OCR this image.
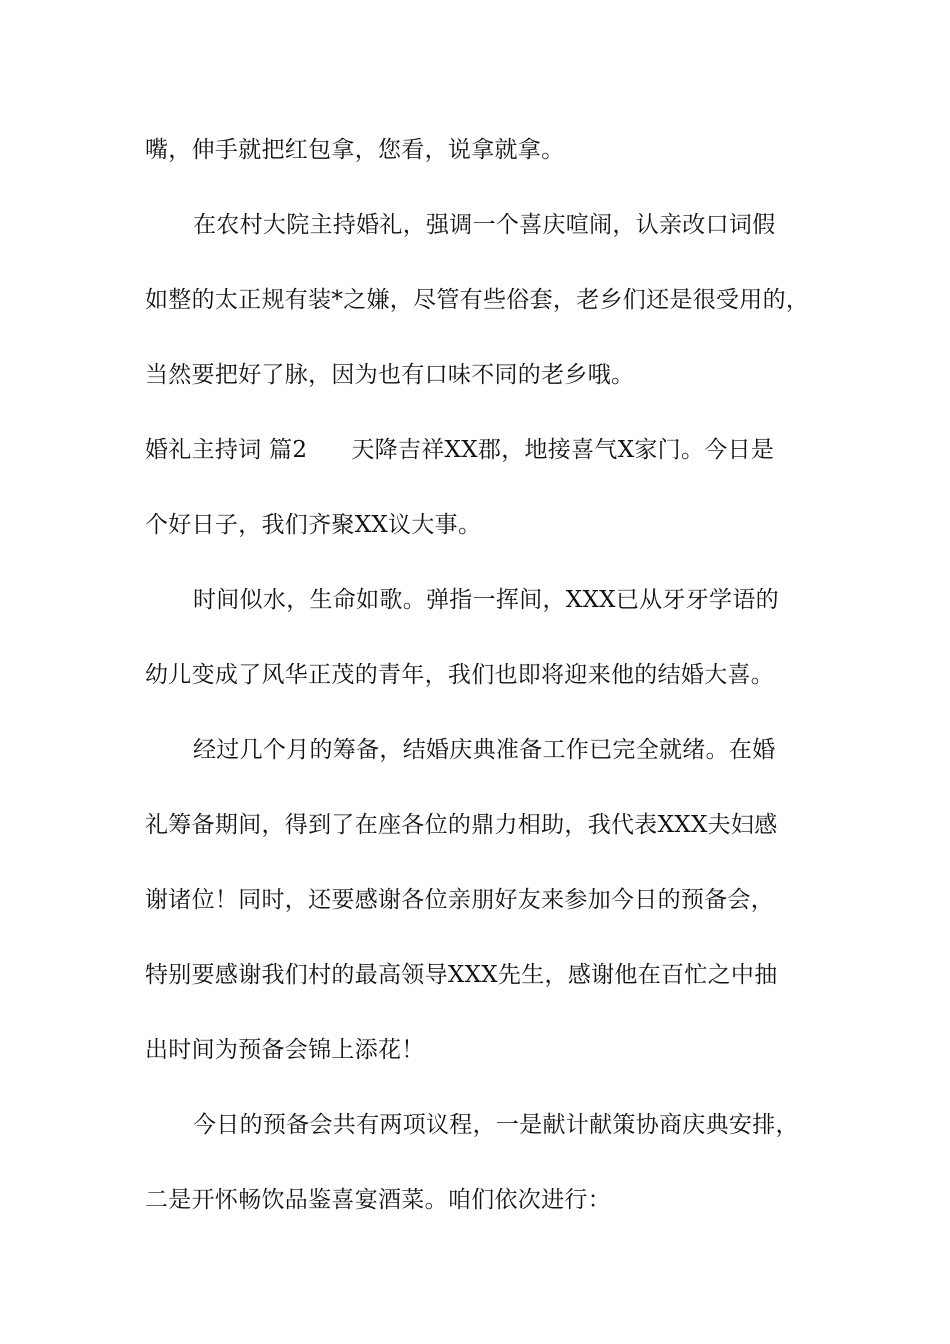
嘴，伸手就把红包拿，您看，说拿就拿。
在农村大院主持婚礼，强调一个喜庆喧闹，认亲改口词假
如整的太正规有装*之嫌，尽管有些俗套，老乡们还是很受用的，
当然要把好了脉，因为也有口味不同的老乡哦。
婚礼主持词 篇2 天降吉祥XX郡，地接喜气X家门。今日是
个好日子，我们齐聚XX议大事。
时间似水，生命如歌。弹指一挥间，XXX已从牙牙学语的
幼儿变成了风华正茂的青年，我们也即将迎来他的结婚大喜。
经过几个月的筹备，结婚庆典准备工作已完全就绪。在婚
礼筹备期间，得到了在座各位的鼎力相助，我代表XXX夫妇感
谢诸位！同时，还要感谢各位亲朋好友来参加今日的预备会，
特别要感谢我们村的最高领导XXX先生，感谢他在百忙之中抽
出时间为预备会锦上添花！
今日的预备会共有两项议程，一是献计献策协商庆典安排，
二是开怀畅饮品鉴喜宴酒菜。咱们依次进行：
